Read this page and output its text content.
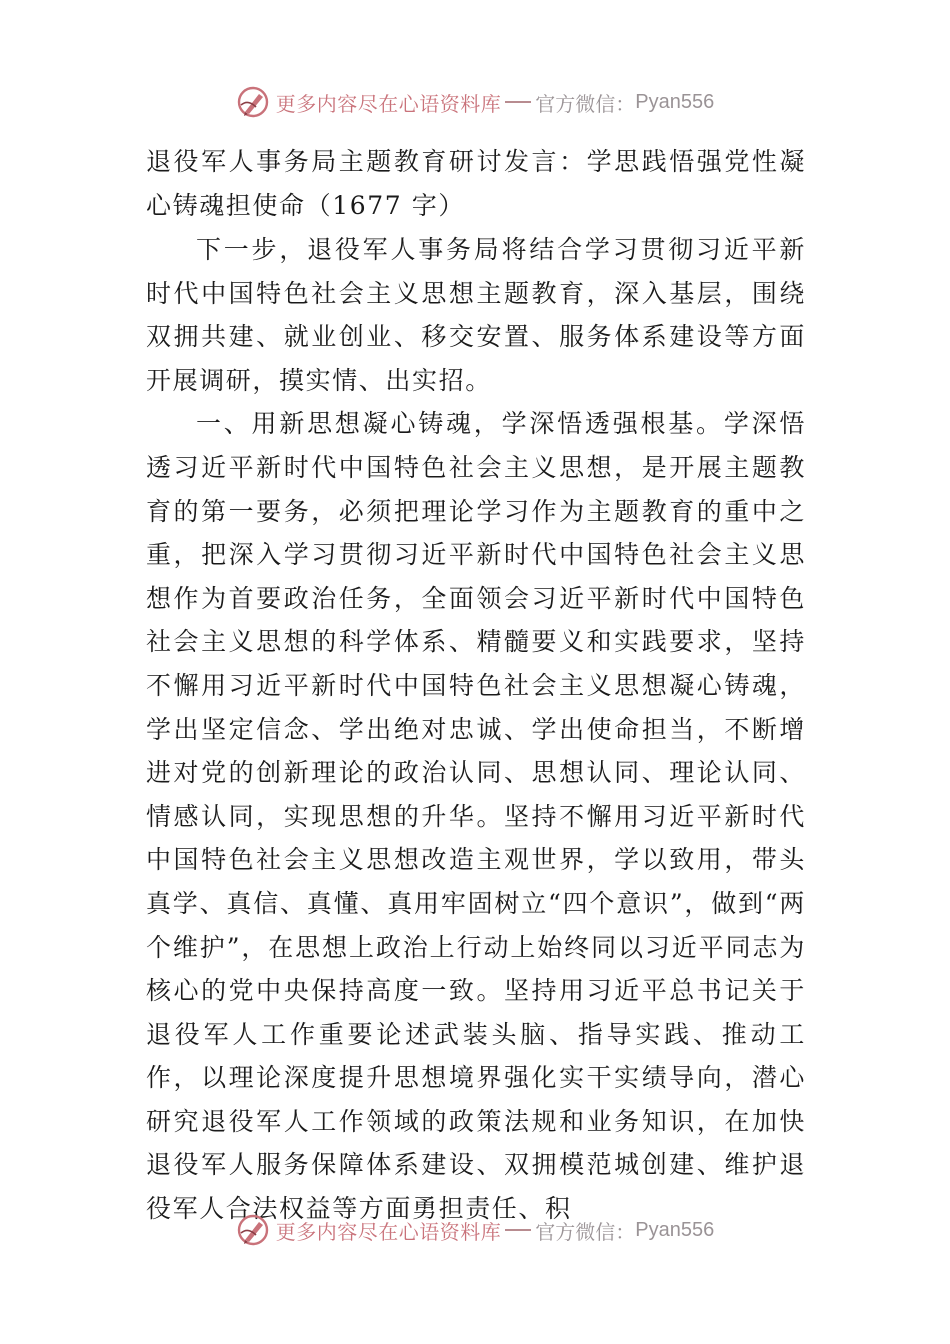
更多内容尽在心语资料库 官方微信： Pyan556
退役军人事务局主题教育研讨发言：学思践悟强党性凝心铸魂担使命（1677 字）

下一步，退役军人事务局将结合学习贯彻习近平新时代中国特色社会主义思想主题教育，深入基层，围绕双拥共建、就业创业、移交安置、服务体系建设等方面开展调研，摸实情、出实招。

一、用新思想凝心铸魂，学深悟透强根基。学深悟透习近平新时代中国特色社会主义思想，是开展主题教育的第一要务，必须把理论学习作为主题教育的重中之重，把深入学习贯彻习近平新时代中国特色社会主义思想作为首要政治任务，全面领会习近平新时代中国特色社会主义思想的科学体系、精髓要义和实践要求，坚持不懈用习近平新时代中国特色社会主义思想凝心铸魂，学出坚定信念、学出绝对忠诚、学出使命担当，不断增进对党的创新理论的政治认同、思想认同、理论认同、情感认同，实现思想的升华。坚持不懈用习近平新时代中国特色社会主义思想改造主观世界，学以致用，带头真学、真信、真懂、真用牢固树立“四个意识”，做到“两个维护”，在思想上政治上行动上始终同以习近平同志为核心的党中央保持高度一致。坚持用习近平总书记关于退役军人工作重要论述武装头脑、指导实践、推动工作，以理论深度提升思想境界强化实干实绩导向，潜心研究退役军人工作领域的政策法规和业务知识，在加快退役军人服务保障体系建设、双拥模范城创建、维护退役军人合法权益等方面勇担责任、积

更多内容尽在心语资料库 官方微信： Pyan556
